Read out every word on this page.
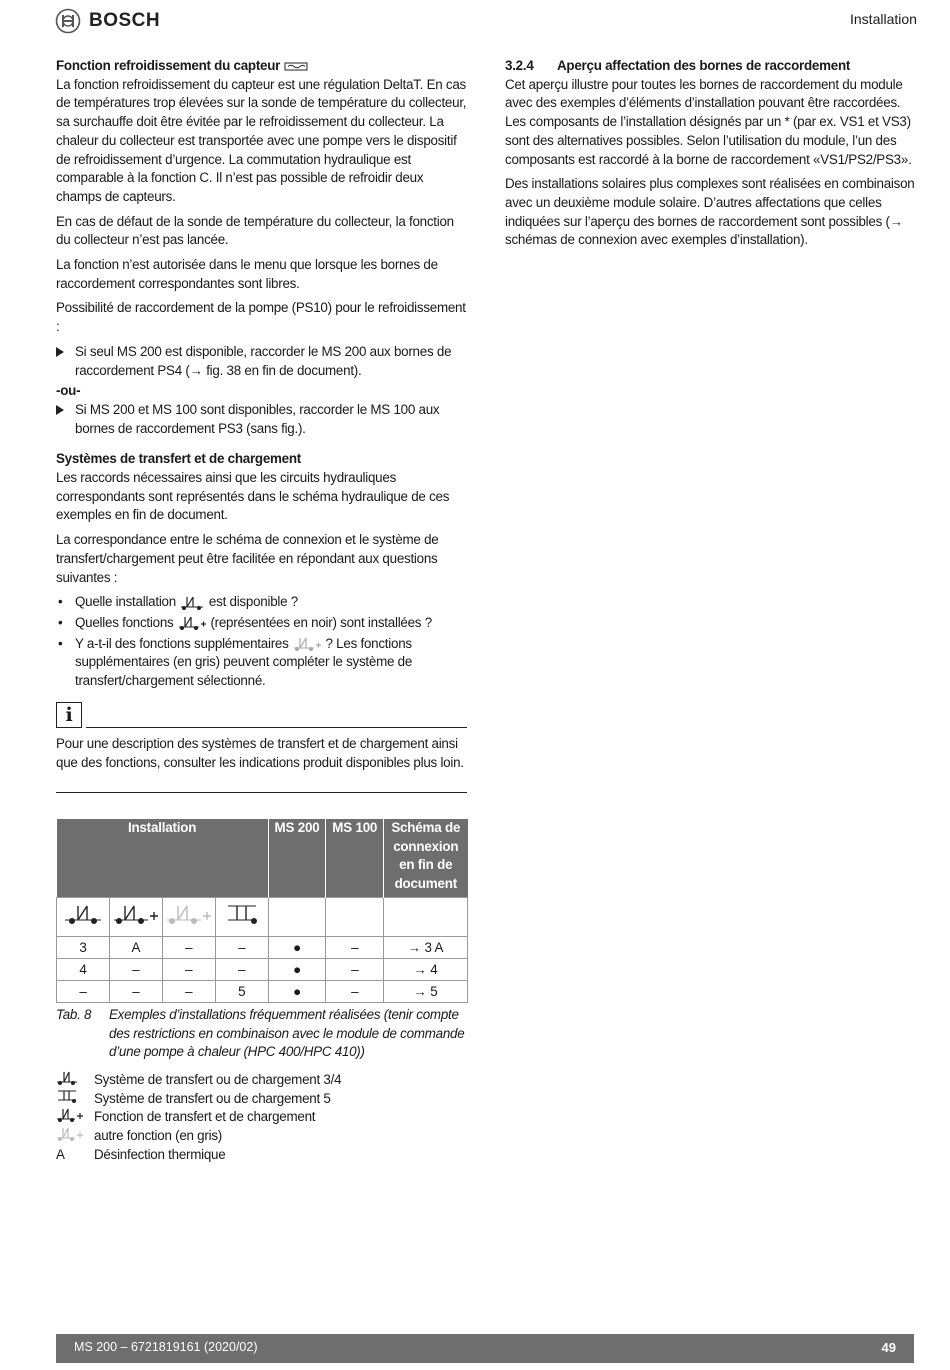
BOSCH	Installation
Fonction refroidissement du capteur

La fonction refroidissement du capteur est une régulation DeltaT. En cas de températures trop élevées sur la sonde de température du collecteur, sa surchauffe doit être évitée par le refroidissement du collecteur. La chaleur du collecteur est transportée avec une pompe vers le dispositif de refroidissement d’urgence. La commutation hydraulique est comparable à la fonction C. Il n’est pas possible de refroidir deux champs de capteurs.

En cas de défaut de la sonde de température du collecteur, la fonction du collecteur n’est pas lancée.

La fonction n’est autorisée dans le menu que lorsque les bornes de raccordement correspondantes sont libres.

Possibilité de raccordement de la pompe (PS10) pour le refroidissement :

Si seul MS 200 est disponible, raccorder le MS 200 aux bornes de raccordement PS4 (→ fig. 38 en fin de document).
-ou-
Si MS 200 et MS 100 sont disponibles, raccorder le MS 100 aux bornes de raccordement PS3 (sans fig.).
Systèmes de transfert et de chargement

Les raccords nécessaires ainsi que les circuits hydrauliques correspondants sont représentés dans le schéma hydraulique de ces exemples en fin de document.

La correspondance entre le schéma de connexion et le système de transfert/chargement peut être facilitée en répondant aux questions suivantes :

• Quelle installation est disponible ?
• Quelles fonctions	(représentées en noir) sont installées ?
• Y a-t-il des fonctions supplémentaires	? Les fonctions supplémentaires (en gris) peuvent compléter le système de transfert/chargement sélectionné.
i
Pour une description des systèmes de transfert et de chargement ainsi que des fonctions, consulter les indications produit disponibles plus loin.
Installation				MS 200	MS 100	Schéma de connexion en fin de document

3	A	–	–	●	–	→ 3 A
4	–	–	–	●	–	→ 4
–	–	–	5	●	–	→ 5
Tab. 8	Exemples d’installations fréquemment réalisées (tenir compte des restrictions en combinaison avec le module de commande d’une pompe à chaleur (HPC 400/HPC 410))
Système de transfert ou de chargement 3/4
Système de transfert ou de chargement 5
Fonction de transfert et de chargement
autre fonction (en gris)
A	Désinfection thermique
3.2.4	Aperçu affectation des bornes de raccordement

Cet aperçu illustre pour toutes les bornes de raccordement du module avec des exemples d’éléments d’installation pouvant être raccordées. Les composants de l’installation désignés par un * (par ex. VS1 et VS3) sont des alternatives possibles. Selon l’utilisation du module, l’un des composants est raccordé à la borne de raccordement «VS1/PS2/PS3».

Des installations solaires plus complexes sont réalisées en combinaison avec un deuxième module solaire. D’autres affectations que celles indiquées sur l’aperçu des bornes de raccordement sont possibles (→ schémas de connexion avec exemples d’installation).

MS 200 – 6721819161 (2020/02)	49
